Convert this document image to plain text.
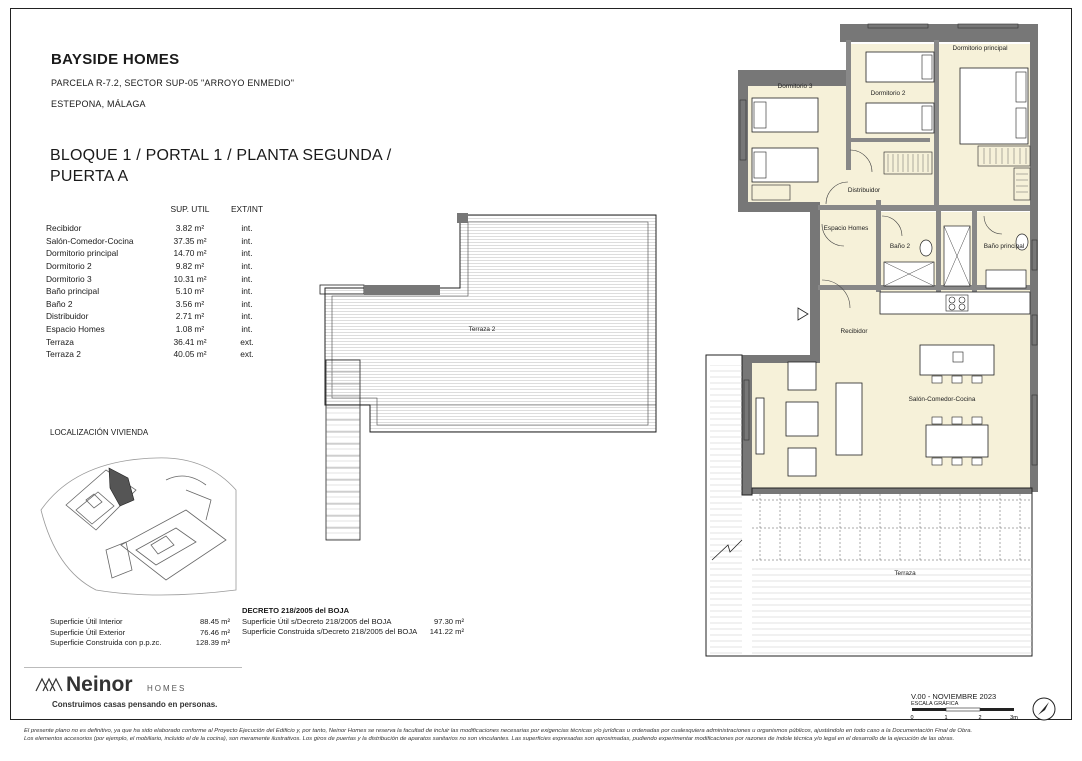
BAYSIDE HOMES
PARCELA R-7.2, SECTOR SUP-05 "ARROYO ENMEDIO"
ESTEPONA, MÁLAGA
BLOQUE 1 / PORTAL 1 / PLANTA SEGUNDA /
PUERTA A
	SUP. UTIL	EXT/INT
Recibidor	3.82 m²	int.
Salón-Comedor-Cocina	37.35 m²	int.
Dormitorio principal	14.70 m²	int.
Dormitorio 2	9.82 m²	int.
Dormitorio 3	10.31 m²	int.
Baño principal	5.10 m²	int.
Baño 2	3.56 m²	int.
Distribuidor	2.71 m²	int.
Espacio Homes	1.08 m²	int.
Terraza	36.41 m²	ext.
Terraza 2	40.05 m²	ext.
LOCALIZACIÓN VIVIENDA
Superficie Útil Interior	88.45 m²
Superficie Útil Exterior	76.46 m²
Superficie Construida con p.p.zc.	128.39 m²
DECRETO 218/2005 del BOJA
Superficie Útil s/Decreto 218/2005 del BOJA	97.30 m²
Superficie Construida s/Decreto 218/2005 del BOJA 141.22 m²
Terraza 2
Dormitorio 3
Dormitorio 2
Dormitorio principal
Distribuidor
Espacio Homes
Baño 2	Baño principal
Recibidor
Salón-Comedor-Cocina
Terraza
Neinor HOMES
Construimos casas pensando en personas.
V.00 - NOVIEMBRE 2023
ESCALA GRÁFICA
0	1	2	3m
El presente plano no es definitivo, ya que ha sido elaborado conforme al Proyecto Ejecución del Edificio y, por tanto, Neinor Homes se reserva la facultad de incluir las modificaciones necesarias por exigencias técnicas y/o jurídicas u ordenadas por cualesquiera administraciones u organismos públicos, ajustándolo en todo caso a la Documentación Final de Obra.
Los elementos accesorios (por ejemplo, el mobiliario, incluido el de la cocina), son meramente ilustrativos. Los giros de puertas y la distribución de aparatos sanitarios no son vinculantes. Las superficies expresadas son aproximadas, pudiendo experimentar modificaciones por razones de índole técnica y/o legal en el desarrollo de la ejecución de las obras.
